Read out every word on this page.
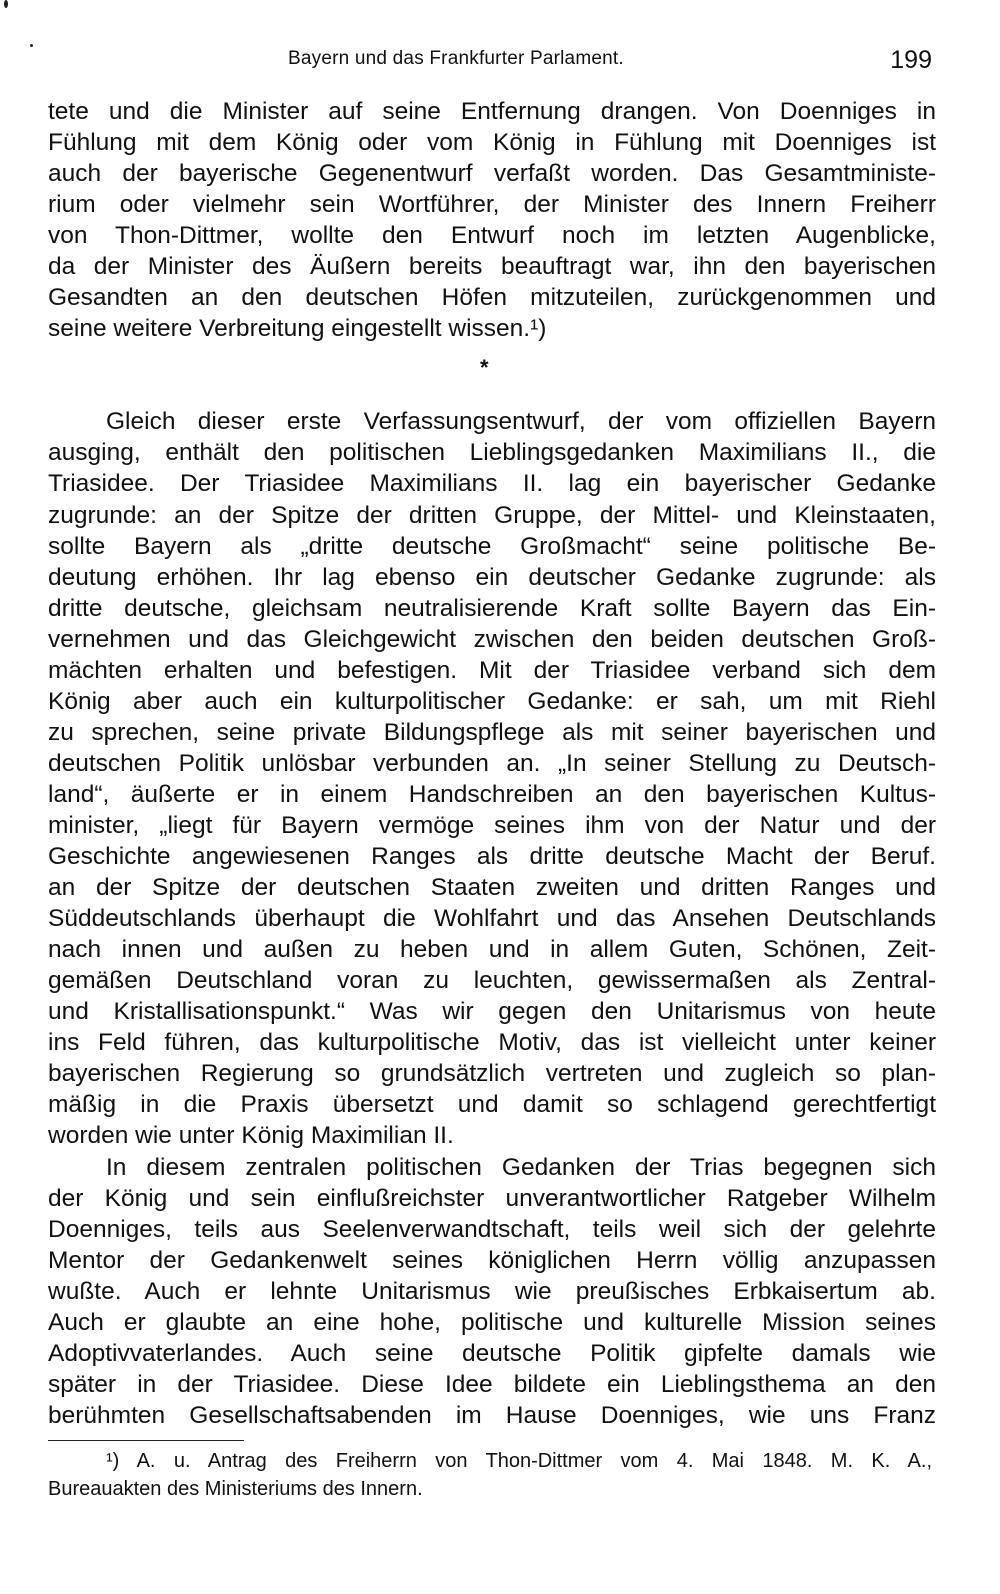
Bayern und das Frankfurter Parlament.	199
tete und die Minister auf seine Entfernung drangen. Von Doenniges in
Fühlung mit dem König oder vom König in Fühlung mit Doenniges ist
auch der bayerische Gegenentwurf verfaßt worden. Das Gesamtministe-
rium oder vielmehr sein Wortführer, der Minister des Innern Freiherr
von Thon-Dittmer, wollte den Entwurf noch im letzten Augenblicke,
da der Minister des Äußern bereits beauftragt war, ihn den bayerischen
Gesandten an den deutschen Höfen mitzuteilen, zurückgenommen und
seine weitere Verbreitung eingestellt wissen.¹)
*
Gleich dieser erste Verfassungsentwurf, der vom offiziellen Bayern
ausging, enthält den politischen Lieblingsgedanken Maximilians II., die
Triasidee. Der Triasidee Maximilians II. lag ein bayerischer Gedanke
zugrunde: an der Spitze der dritten Gruppe, der Mittel- und Kleinstaaten,
sollte Bayern als „dritte deutsche Großmacht“ seine politische Be-
deutung erhöhen. Ihr lag ebenso ein deutscher Gedanke zugrunde: als
dritte deutsche, gleichsam neutralisierende Kraft sollte Bayern das Ein-
vernehmen und das Gleichgewicht zwischen den beiden deutschen Groß-
mächten erhalten und befestigen. Mit der Triasidee verband sich dem
König aber auch ein kulturpolitischer Gedanke: er sah, um mit Riehl
zu sprechen, seine private Bildungspflege als mit seiner bayerischen und
deutschen Politik unlösbar verbunden an. „In seiner Stellung zu Deutsch-
land“, äußerte er in einem Handschreiben an den bayerischen Kultus-
minister, „liegt für Bayern vermöge seines ihm von der Natur und der
Geschichte angewiesenen Ranges als dritte deutsche Macht der Beruf.
an der Spitze der deutschen Staaten zweiten und dritten Ranges und
Süddeutschlands überhaupt die Wohlfahrt und das Ansehen Deutschlands
nach innen und außen zu heben und in allem Guten, Schönen, Zeit-
gemäßen Deutschland voran zu leuchten, gewissermaßen als Zentral-
und Kristallisationspunkt.“ Was wir gegen den Unitarismus von heute
ins Feld führen, das kulturpolitische Motiv, das ist vielleicht unter keiner
bayerischen Regierung so grundsätzlich vertreten und zugleich so plan-
mäßig in die Praxis übersetzt und damit so schlagend gerechtfertigt
worden wie unter König Maximilian II.
In diesem zentralen politischen Gedanken der Trias begegnen sich
der König und sein einflußreichster unverantwortlicher Ratgeber Wilhelm
Doenniges, teils aus Seelenverwandtschaft, teils weil sich der gelehrte
Mentor der Gedankenwelt seines königlichen Herrn völlig anzupassen
wußte. Auch er lehnte Unitarismus wie preußisches Erbkaisertum ab.
Auch er glaubte an eine hohe, politische und kulturelle Mission seines
Adoptivvaterlandes. Auch seine deutsche Politik gipfelte damals wie
später in der Triasidee. Diese Idee bildete ein Lieblingsthema an den
berühmten Gesellschaftsabenden im Hause Doenniges, wie uns Franz
¹) A. u. Antrag des Freiherrn von Thon-Dittmer vom 4. Mai 1848. M. K. A.,
Bureauakten des Ministeriums des Innern.
